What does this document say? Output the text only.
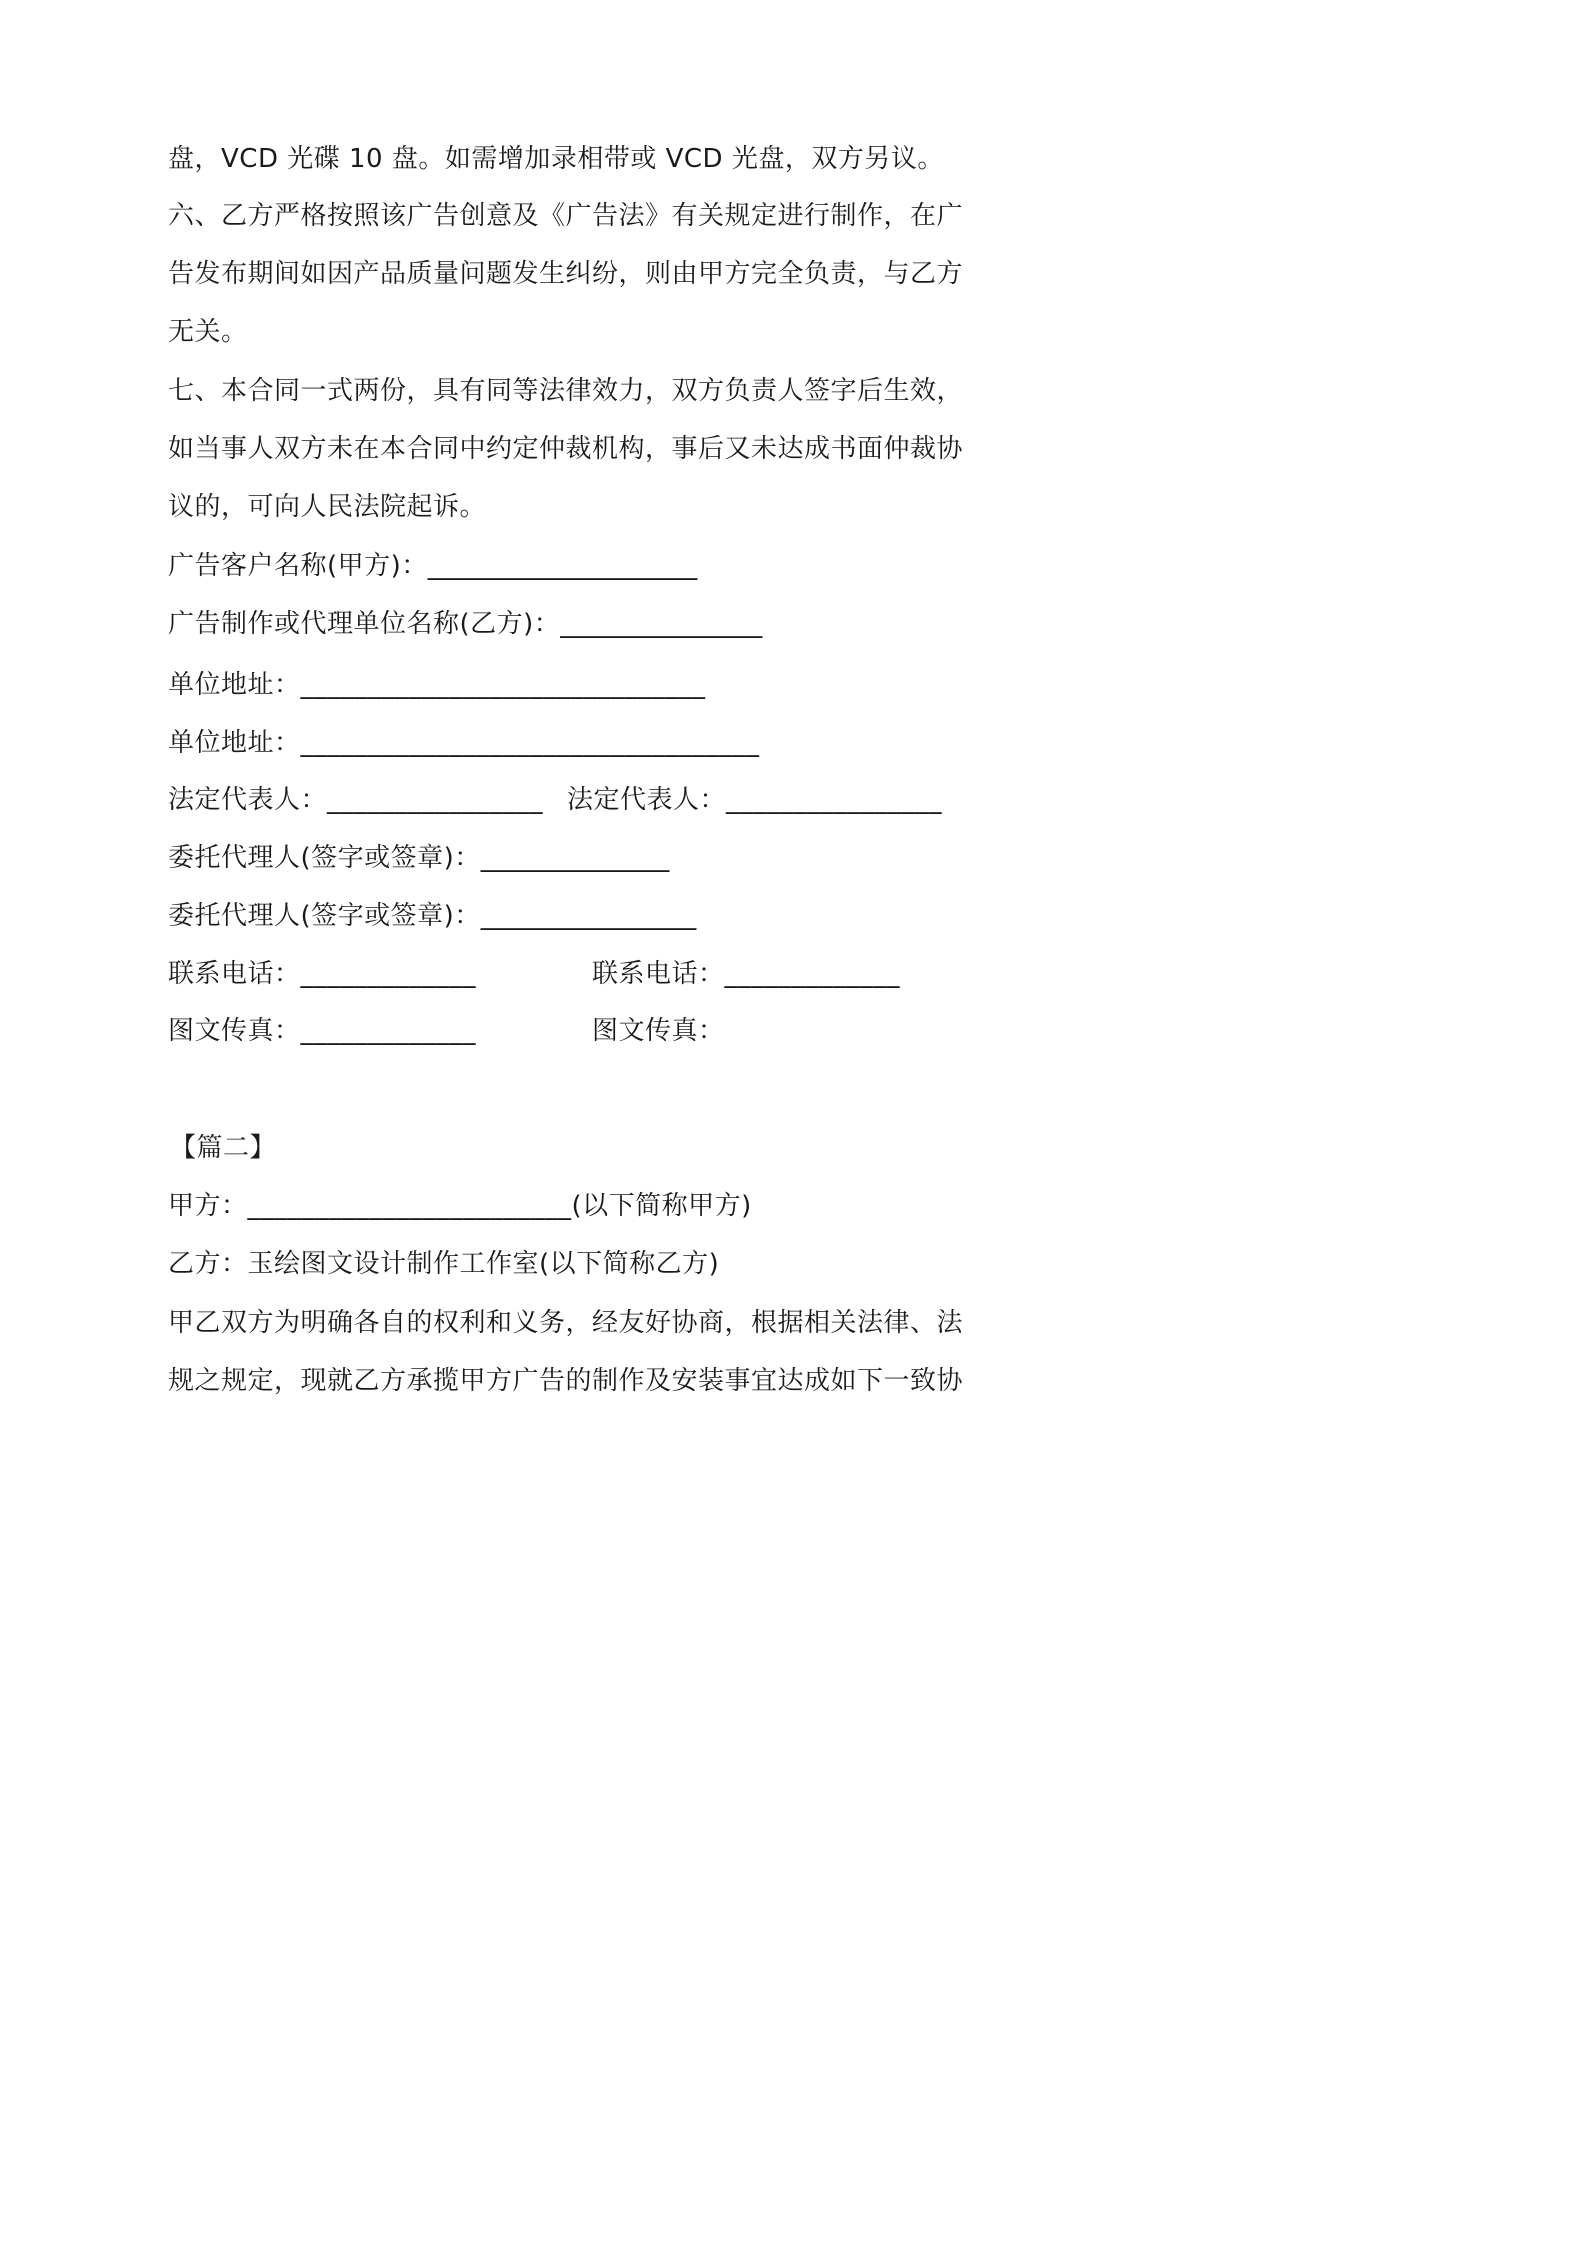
盘，VCD 光碟 10 盘。如需增加录相带或 VCD 光盘，双方另议。
六、乙方严格按照该广告创意及《广告法》有关规定进行制作，在广
告发布期间如因产品质量问题发生纠纷，则由甲方完全负责，与乙方
无关。
七、本合同一式两份，具有同等法律效力，双方负责人签字后生效，
如当事人双方未在本合同中约定仲裁机构，事后又未达成书面仲裁协
议的，可向人民法院起诉。
广告客户名称(甲方)：____________________
广告制作或代理单位名称(乙方)：_______________
单位地址：______________________________
单位地址：__________________________________
法定代表人：________________ 法定代表人：________________
委托代理人(签字或签章)：______________
委托代理人(签字或签章)：________________
联系电话：_____________	联系电话：_____________
图文传真：_____________	图文传真：
【篇二】
甲方：________________________(以下简称甲方)
乙方：玉绘图文设计制作工作室(以下简称乙方)
甲乙双方为明确各自的权利和义务，经友好协商，根据相关法律、法
规之规定，现就乙方承揽甲方广告的制作及安装事宜达成如下一致协
